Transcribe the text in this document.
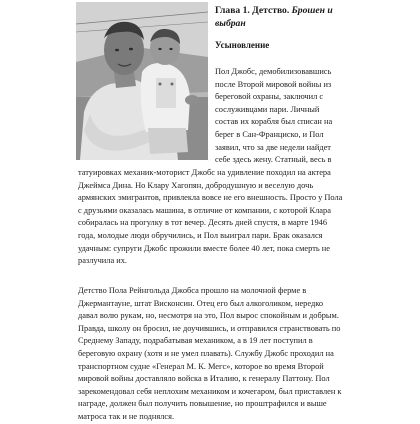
Глава 1. Детство. Брошен и
выбран
Усыновление

Пол Джобс, демобилизовавшись
после Второй мировой войны из
береговой охраны, заключил с
сослуживцами пари. Личный
состав их корабля был списан на
берег в Сан-Франциско, и Пол
заявил, что за две недели найдет
себе здесь жену. Статный, весь в

татуировках механик-моторист Джобс на удивление походил на актера
Джеймса Дина. Но Клару Хагопян, добродушную и веселую дочь
армянских эмигрантов, привлекла вовсе не его внешность. Просто у Пола
с друзьями оказалась машина, в отличие от компании, с которой Клара
собиралась на прогулку в тот вечер. Десять дней спустя, в марте 1946
года, молодые люди обручились, и Пол выиграл пари. Брак оказался
удачным: супруги Джобс прожили вместе более 40 лет, пока смерть не
разлучила их.

Детство Пола Рейнгольда Джобса прошло на молочной ферме в
Джермантауне, штат Висконсин. Отец его был алкоголиком, нередко
давал волю рукам, но, несмотря на это, Пол вырос спокойным и добрым.
Правда, школу он бросил, не доучившись, и отправился странствовать по
Среднему Западу, подрабатывая механиком, а в 19 лет поступил в
береговую охрану (хотя и не умел плавать). Службу Джобс проходил на
транспортном судне «Генерал М. К. Мегс», которое во время Второй
мировой войны доставляло войска в Италию, к генералу Паттону. Пол
зарекомендовал себя неплохим механиком и кочегаром, был приставлен к
награде, должен был получить повышение, но проштрафился и выше
матроса так и не поднялся.
